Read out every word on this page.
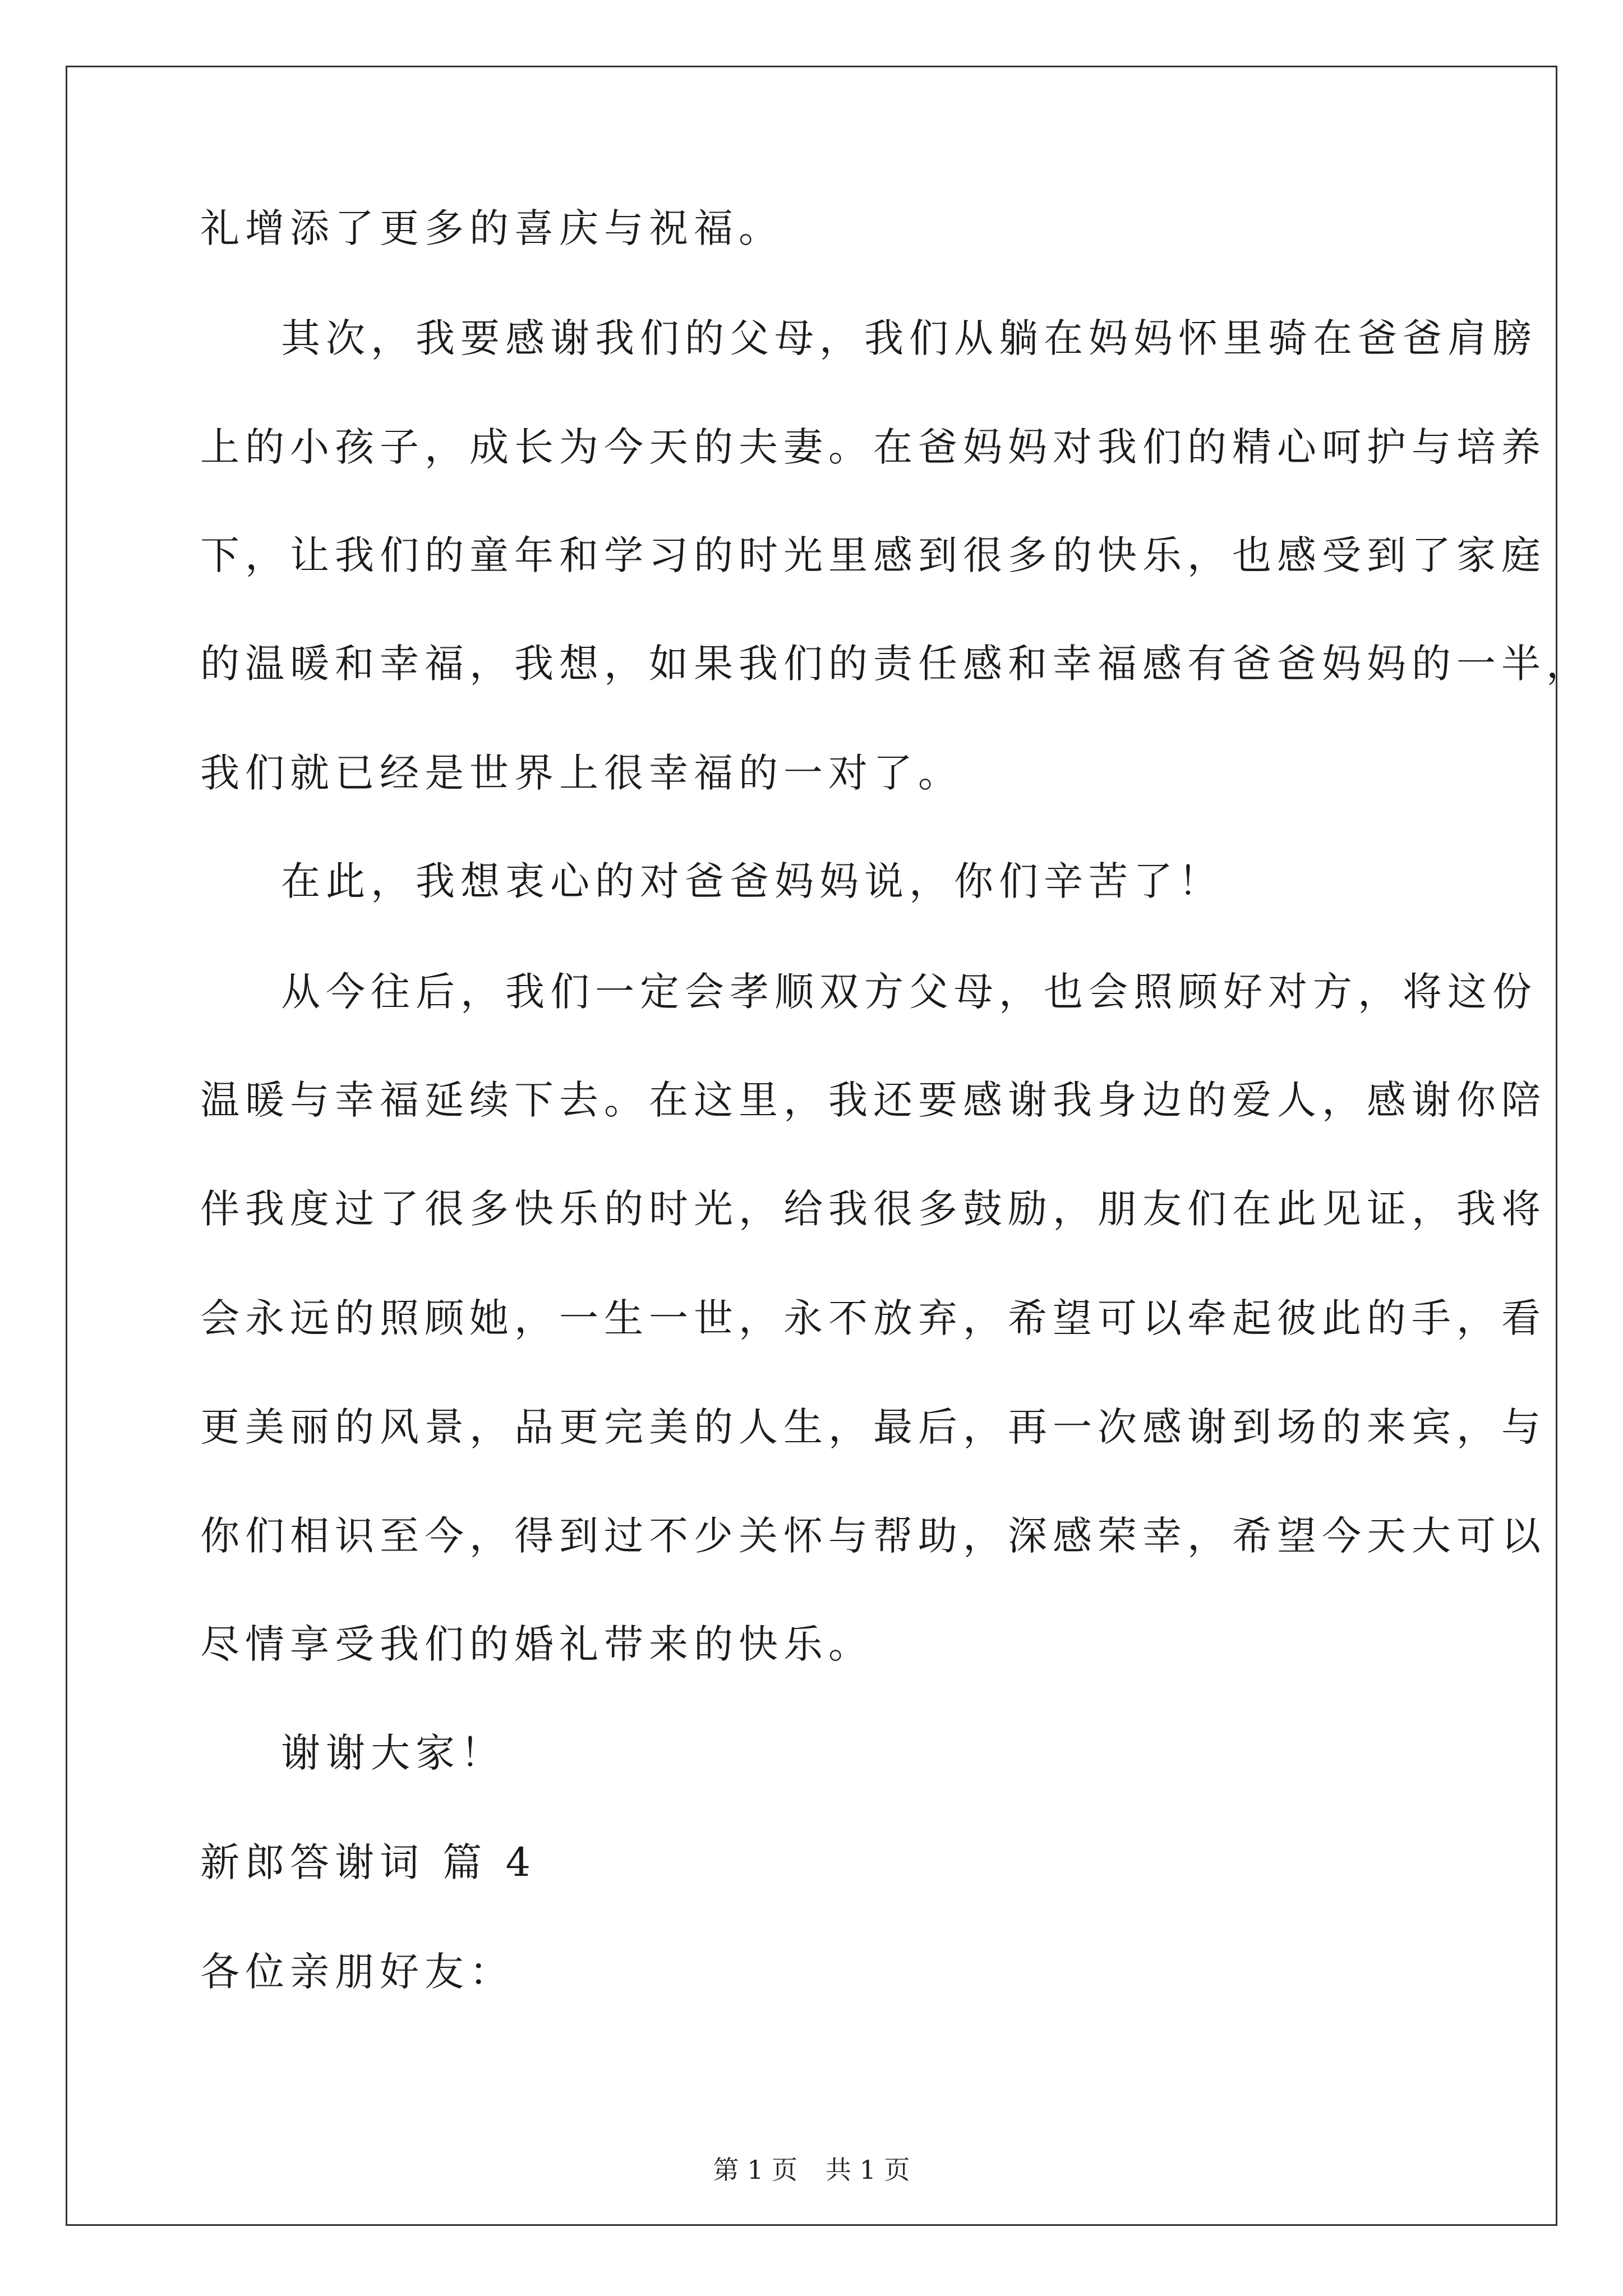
礼增添了更多的喜庆与祝福。
其次，我要感谢我们的父母，我们从躺在妈妈怀里骑在爸爸肩膀
上的小孩子，成长为今天的夫妻。在爸妈妈对我们的精心呵护与培养
下，让我们的童年和学习的时光里感到很多的快乐，也感受到了家庭
的温暖和幸福，我想，如果我们的责任感和幸福感有爸爸妈妈的一半，
我们就已经是世界上很幸福的一对了。
在此，我想衷心的对爸爸妈妈说，你们辛苦了！
从今往后，我们一定会孝顺双方父母，也会照顾好对方，将这份
温暖与幸福延续下去。在这里，我还要感谢我身边的爱人，感谢你陪
伴我度过了很多快乐的时光，给我很多鼓励，朋友们在此见证，我将
会永远的照顾她，一生一世，永不放弃，希望可以牵起彼此的手，看
更美丽的风景，品更完美的人生，最后，再一次感谢到场的来宾，与
你们相识至今，得到过不少关怀与帮助，深感荣幸，希望今天大可以
尽情享受我们的婚礼带来的快乐。
谢谢大家！
新郎答谢词 篇 4
各位亲朋好友：
第 1 页 共 1 页
